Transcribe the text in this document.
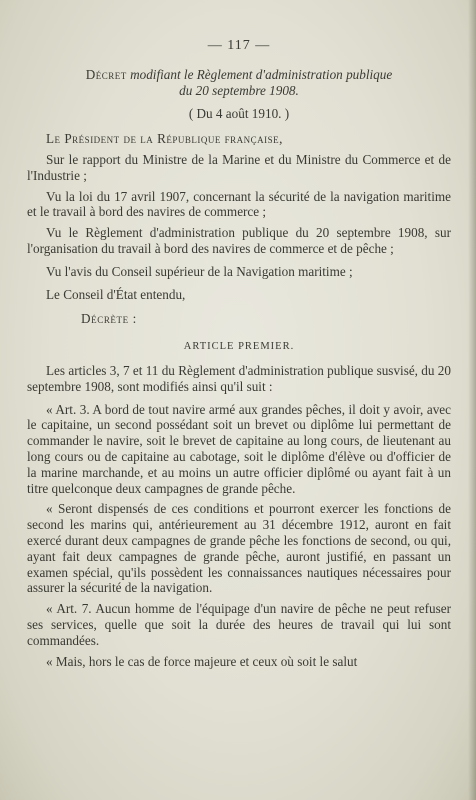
— 117 —
Décret modifiant le Règlement d'administration publique
du 20 septembre 1908.
( Du 4 août 1910. )

Le Président de la République française,

Sur le rapport du Ministre de la Marine et du Ministre du Commerce et de l'Industrie ;

Vu la loi du 17 avril 1907, concernant la sécurité de la navigation maritime et le travail à bord des navires de commerce ;

Vu le Règlement d'administration publique du 20 septembre 1908, sur l'organisation du travail à bord des navires de commerce et de pêche ;

Vu l'avis du Conseil supérieur de la Navigation maritime ;

Le Conseil d'État entendu,

Décrète :
ARTICLE PREMIER.

Les articles 3, 7 et 11 du Règlement d'administration publique susvisé, du 20 septembre 1908, sont modifiés ainsi qu'il suit :

« Art. 3. A bord de tout navire armé aux grandes pêches, il doit y avoir, avec le capitaine, un second possédant soit un brevet ou diplôme lui permettant de commander le navire, soit le brevet de capitaine au long cours, de lieutenant au long cours ou de capitaine au cabotage, soit le diplôme d'élève ou d'officier de la marine marchande, et au moins un autre officier diplômé ou ayant fait à un titre quelconque deux campagnes de grande pêche.

« Seront dispensés de ces conditions et pourront exercer les fonctions de second les marins qui, antérieurement au 31 décembre 1912, auront en fait exercé durant deux campagnes de grande pêche les fonctions de second, ou qui, ayant fait deux campagnes de grande pêche, auront justifié, en passant un examen spécial, qu'ils possèdent les connaissances nautiques nécessaires pour assurer la sécurité de la navigation.

« Art. 7. Aucun homme de l'équipage d'un navire de pêche ne peut refuser ses services, quelle que soit la durée des heures de travail qui lui sont commandées.

« Mais, hors le cas de force majeure et ceux où soit le salut
